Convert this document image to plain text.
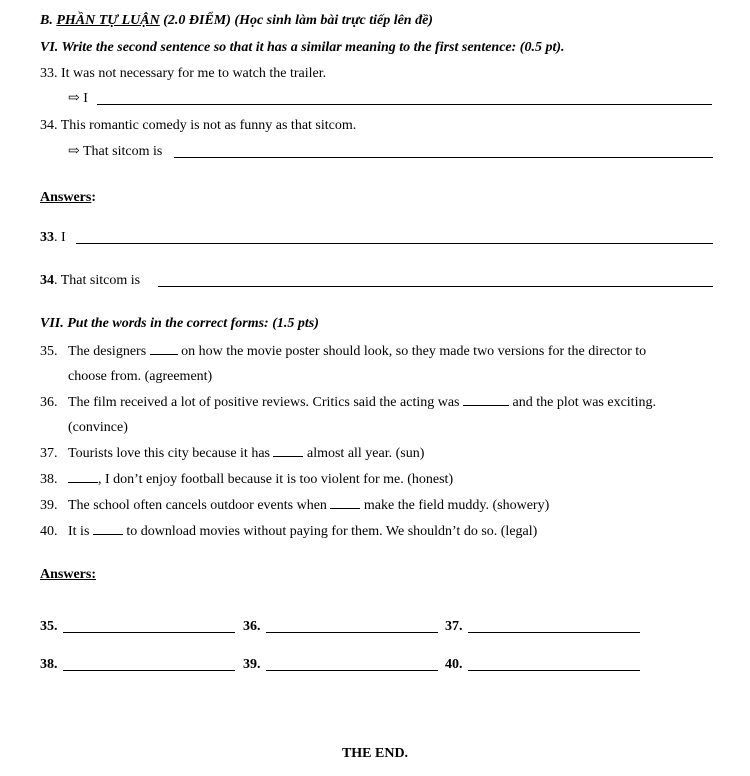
B. PHẦN TỰ LUẬN (2.0 ĐIỂM) (Học sinh làm bài trực tiếp lên đề)
VI. Write the second sentence so that it has a similar meaning to the first sentence: (0.5 pt).
33. It was not necessary for me to watch the trailer.
⇨ I
34. This romantic comedy is not as funny as that sitcom.
⇨ That sitcom is
Answers:
33. I
34. That sitcom is
VII. Put the words in the correct forms: (1.5 pts)
35. The designers	on how the movie poster should look, so they made two versions for the director to
choose from. (agreement)
36. The film received a lot of positive reviews. Critics said the acting was	and the plot was exciting.
(convince)
37. Tourists love this city because it has	almost all year. (sun)
38.	, I don’t enjoy football because it is too violent for me. (honest)
39. The school often cancels outdoor events when	make the field muddy. (showery)
40. It is	to download movies without paying for them. We shouldn’t do so. (legal)
Answers:
35.	36.	37.
38.	39.	40.
THE END.
